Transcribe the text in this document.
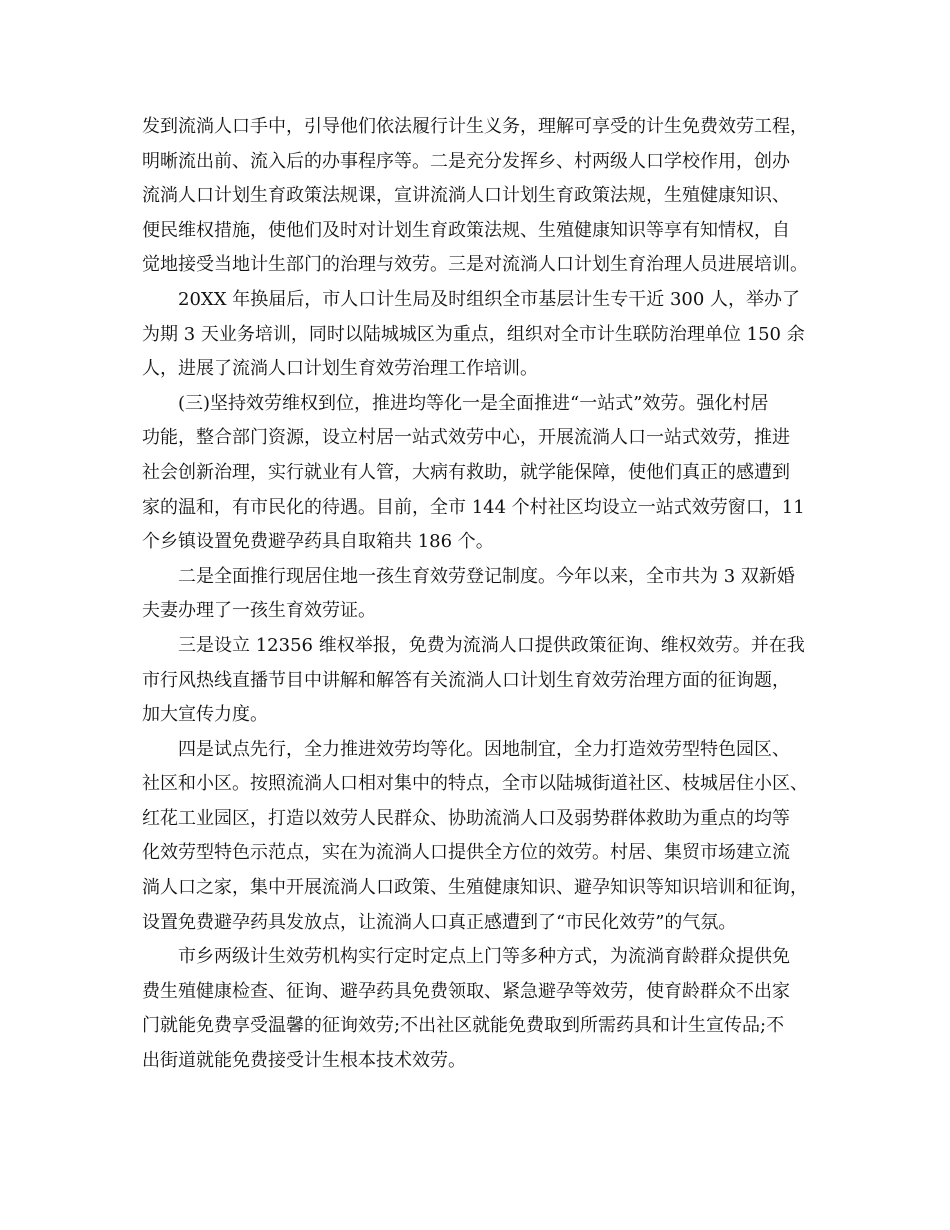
发到流淌人口手中，引导他们依法履行计生义务，理解可享受的计生免费效劳工程，
明晰流出前、流入后的办事程序等。二是充分发挥乡、村两级人口学校作用，创办
流淌人口计划生育政策法规课，宣讲流淌人口计划生育政策法规，生殖健康知识、
便民维权措施，使他们及时对计划生育政策法规、生殖健康知识等享有知情权，自
觉地接受当地计生部门的治理与效劳。三是对流淌人口计划生育治理人员进展培训。
20XX 年换届后，市人口计生局及时组织全市基层计生专干近 300 人，举办了
为期 3 天业务培训，同时以陆城城区为重点，组织对全市计生联防治理单位 150 余
人，进展了流淌人口计划生育效劳治理工作培训。
(三)坚持效劳维权到位，推进均等化一是全面推进“一站式”效劳。强化村居
功能，整合部门资源，设立村居一站式效劳中心，开展流淌人口一站式效劳，推进
社会创新治理，实行就业有人管，大病有救助，就学能保障，使他们真正的感遭到
家的温和，有市民化的待遇。目前，全市 144 个村社区均设立一站式效劳窗口，11
个乡镇设置免费避孕药具自取箱共 186 个。
二是全面推行现居住地一孩生育效劳登记制度。今年以来，全市共为 3 双新婚
夫妻办理了一孩生育效劳证。
三是设立 12356 维权举报，免费为流淌人口提供政策征询、维权效劳。并在我
市行风热线直播节目中讲解和解答有关流淌人口计划生育效劳治理方面的征询题，
加大宣传力度。
四是试点先行，全力推进效劳均等化。因地制宜，全力打造效劳型特色园区、
社区和小区。按照流淌人口相对集中的特点，全市以陆城街道社区、枝城居住小区、
红花工业园区，打造以效劳人民群众、协助流淌人口及弱势群体救助为重点的均等
化效劳型特色示范点，实在为流淌人口提供全方位的效劳。村居、集贸市场建立流
淌人口之家，集中开展流淌人口政策、生殖健康知识、避孕知识等知识培训和征询，
设置免费避孕药具发放点，让流淌人口真正感遭到了“市民化效劳”的气氛。
市乡两级计生效劳机构实行定时定点上门等多种方式，为流淌育龄群众提供免
费生殖健康检查、征询、避孕药具免费领取、紧急避孕等效劳，使育龄群众不出家
门就能免费享受温馨的征询效劳;不出社区就能免费取到所需药具和计生宣传品;不
出街道就能免费接受计生根本技术效劳。
